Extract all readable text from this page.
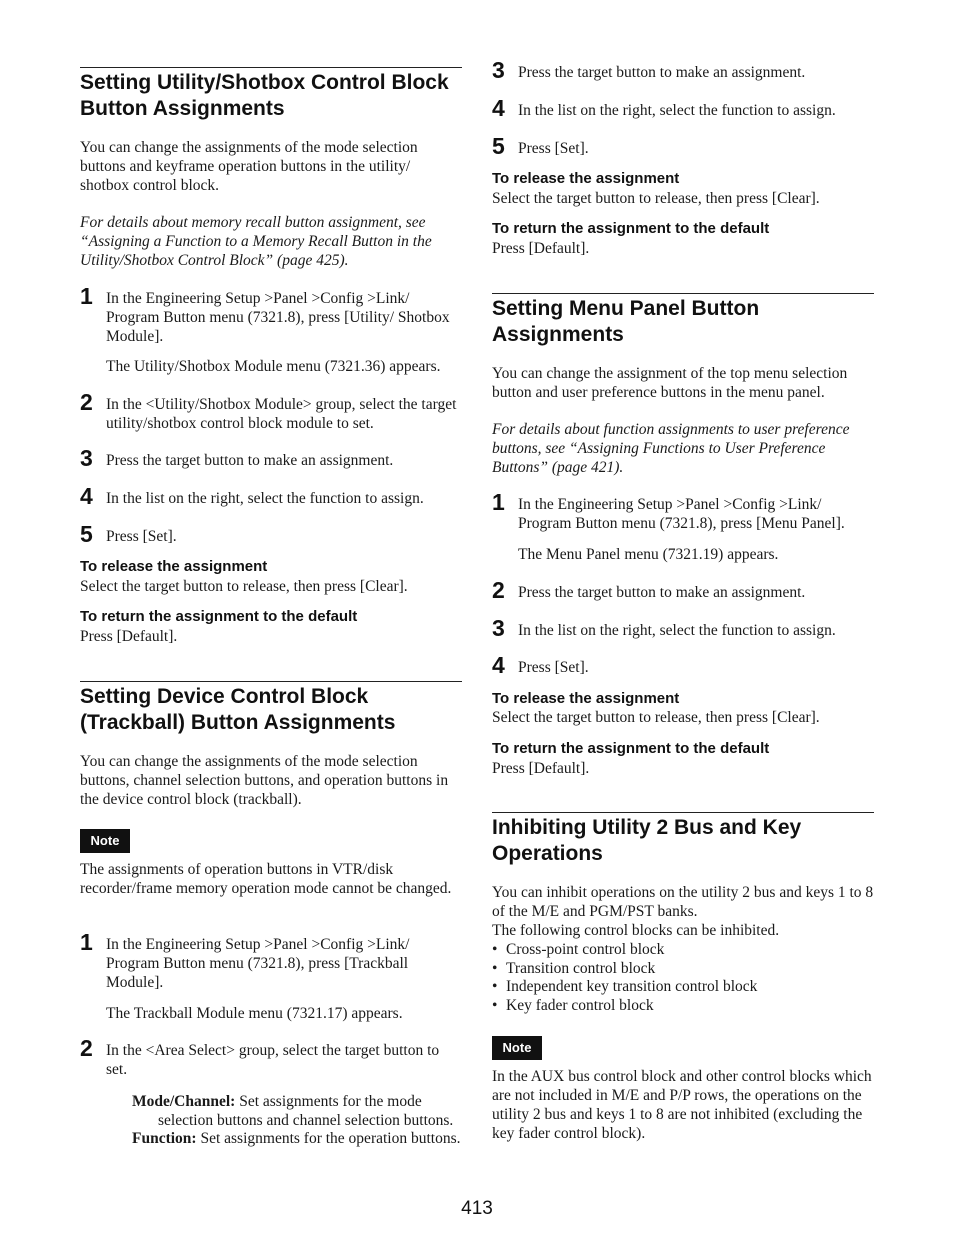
Setting Utility/Shotbox Control Block Button Assignments
You can change the assignments of the mode selection buttons and keyframe operation buttons in the utility/ shotbox control block.
For details about memory recall button assignment, see “Assigning a Function to a Memory Recall Button in the Utility/Shotbox Control Block” (page 425).
1 In the Engineering Setup >Panel >Config >Link/ Program Button menu (7321.8), press [Utility/ Shotbox Module].
The Utility/Shotbox Module menu (7321.36) appears.
2 In the <Utility/Shotbox Module> group, select the target utility/shotbox control block module to set.
3 Press the target button to make an assignment.
4 In the list on the right, select the function to assign.
5 Press [Set].
To release the assignment
Select the target button to release, then press [Clear].
To return the assignment to the default
Press [Default].
Setting Device Control Block (Trackball) Button Assignments
You can change the assignments of the mode selection buttons, channel selection buttons, and operation buttons in the device control block (trackball).
Note
The assignments of operation buttons in VTR/disk recorder/frame memory operation mode cannot be changed.
1 In the Engineering Setup >Panel >Config >Link/ Program Button menu (7321.8), press [Trackball Module].
The Trackball Module menu (7321.17) appears.
2 In the <Area Select> group, select the target button to set.
Mode/Channel: Set assignments for the mode selection buttons and channel selection buttons.
Function: Set assignments for the operation buttons.
3 Press the target button to make an assignment.
4 In the list on the right, select the function to assign.
5 Press [Set].
To release the assignment
Select the target button to release, then press [Clear].
To return the assignment to the default
Press [Default].
Setting Menu Panel Button Assignments
You can change the assignment of the top menu selection button and user preference buttons in the menu panel.
For details about function assignments to user preference buttons, see “Assigning Functions to User Preference Buttons” (page 421).
1 In the Engineering Setup >Panel >Config >Link/ Program Button menu (7321.8), press [Menu Panel].
The Menu Panel menu (7321.19) appears.
2 Press the target button to make an assignment.
3 In the list on the right, select the function to assign.
4 Press [Set].
To release the assignment
Select the target button to release, then press [Clear].
To return the assignment to the default
Press [Default].
Inhibiting Utility 2 Bus and Key Operations
You can inhibit operations on the utility 2 bus and keys 1 to 8 of the M/E and PGM/PST banks.
The following control blocks can be inhibited.
• Cross-point control block
• Transition control block
• Independent key transition control block
• Key fader control block
Note
In the AUX bus control block and other control blocks which are not included in M/E and P/P rows, the operations on the utility 2 bus and keys 1 to 8 are not inhibited (excluding the key fader control block).
413
